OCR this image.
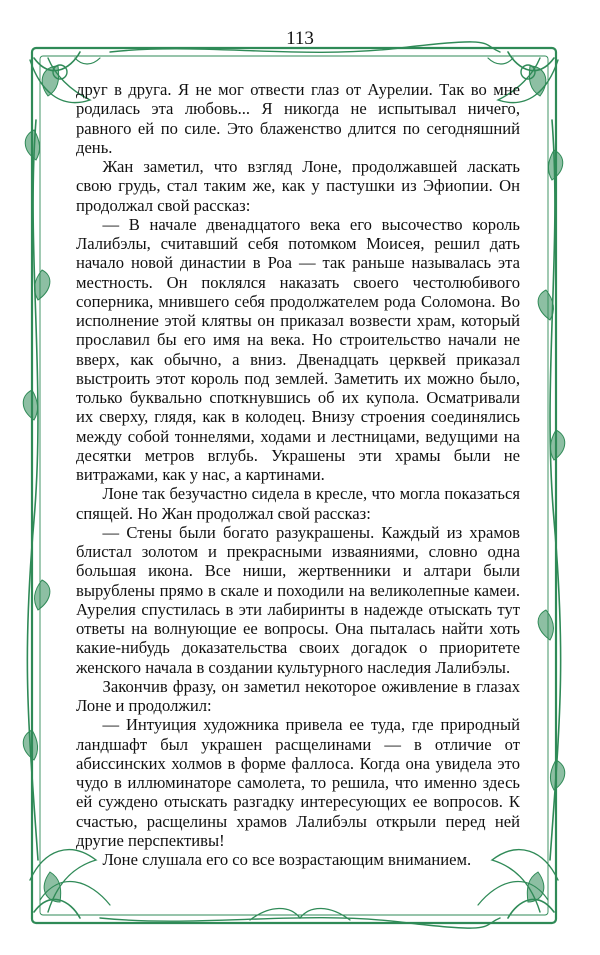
113

друг в друга. Я не мог отвести глаз от Аурелии. Так во мне родилась эта любовь... Я никогда не испытывал ничего, равного ей по силе. Это блаженство длится по сегодняшний день.

Жан заметил, что взгляд Лоне, продолжавшей ласкать свою грудь, стал таким же, как у пастушки из Эфиопии. Он продолжал свой рассказ:

— В начале двенадцатого века его высочество король Лалибэлы, считавший себя потомком Моисея, решил дать начало новой династии в Роа — так раньше называлась эта местность. Он поклялся наказать своего честолюбивого соперника, мнившего себя продолжателем рода Соломона. Во исполнение этой клятвы он приказал возвести храм, который прославил бы его имя на века. Но строительство начали не вверх, как обычно, а вниз. Двенадцать церквей приказал выстроить этот король под землей. Заметить их можно было, только буквально споткнувшись об их купола. Осматривали их сверху, глядя, как в колодец. Внизу строения соединялись между собой тоннелями, ходами и лестницами, ведущими на десятки метров вглубь. Украшены эти храмы были не витражами, как у нас, а картинами.

Лоне так безучастно сидела в кресле, что могла показаться спящей. Но Жан продолжал свой рассказ:

— Стены были богато разукрашены. Каждый из храмов блистал золотом и прекрасными изваяниями, словно одна большая икона. Все ниши, жертвенники и алтари были вырублены прямо в скале и походили на великолепные камеи. Аурелия спустилась в эти лабиринты в надежде отыскать тут ответы на волнующие ее вопросы. Она пыталась найти хоть какие-нибудь доказательства своих догадок о приоритете женского начала в создании культурного наследия Лалибэлы.

Закончив фразу, он заметил некоторое оживление в глазах Лоне и продолжил:

— Интуиция художника привела ее туда, где природный ландшафт был украшен расщелинами — в отличие от абиссинских холмов в форме фаллоса. Когда она увидела это чудо в иллюминаторе самолета, то решила, что именно здесь ей суждено отыскать разгадку интересующих ее вопросов. К счастью, расщелины храмов Лалибэлы открыли перед ней другие перспективы!

Лоне слушала его со все возрастающим вниманием.
